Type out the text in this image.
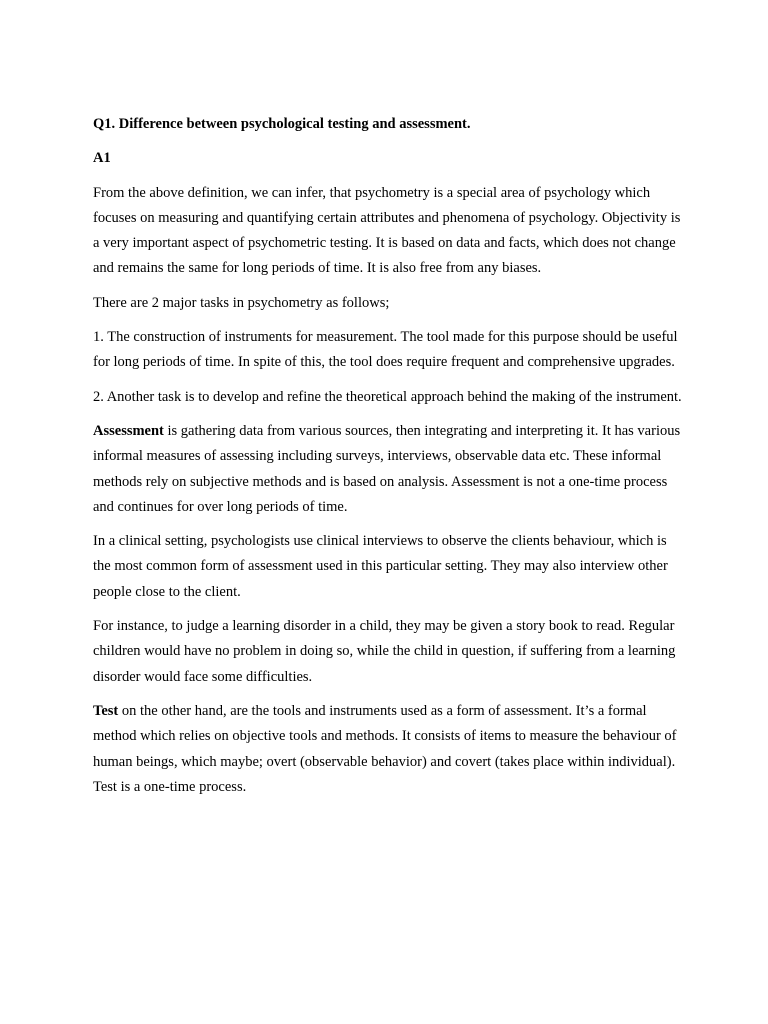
Q1. Difference between psychological testing and assessment.

A1

From the above definition, we can infer, that psychometry is a special area of psychology which focuses on measuring and quantifying certain attributes and phenomena of psychology. Objectivity is a very important aspect of psychometric testing. It is based on data and facts, which does not change and remains the same for long periods of time. It is also free from any biases.

There are 2 major tasks in psychometry as follows;

1. The construction of instruments for measurement. The tool made for this purpose should be useful for long periods of time. In spite of this, the tool does require frequent and comprehensive upgrades.

2. Another task is to develop and refine the theoretical approach behind the making of the instrument.

Assessment is gathering data from various sources, then integrating and interpreting it. It has various informal measures of assessing including surveys, interviews, observable data etc. These informal methods rely on subjective methods and is based on analysis. Assessment is not a one-time process and continues for over long periods of time.

In a clinical setting, psychologists use clinical interviews to observe the clients behaviour, which is the most common form of assessment used in this particular setting. They may also interview other people close to the client.

For instance, to judge a learning disorder in a child, they may be given a story book to read. Regular children would have no problem in doing so, while the child in question, if suffering from a learning disorder would face some difficulties.

Test on the other hand, are the tools and instruments used as a form of assessment. It’s a formal method which relies on objective tools and methods. It consists of items to measure the behaviour of human beings, which maybe; overt (observable behavior) and covert (takes place within individual). Test is a one-time process.
